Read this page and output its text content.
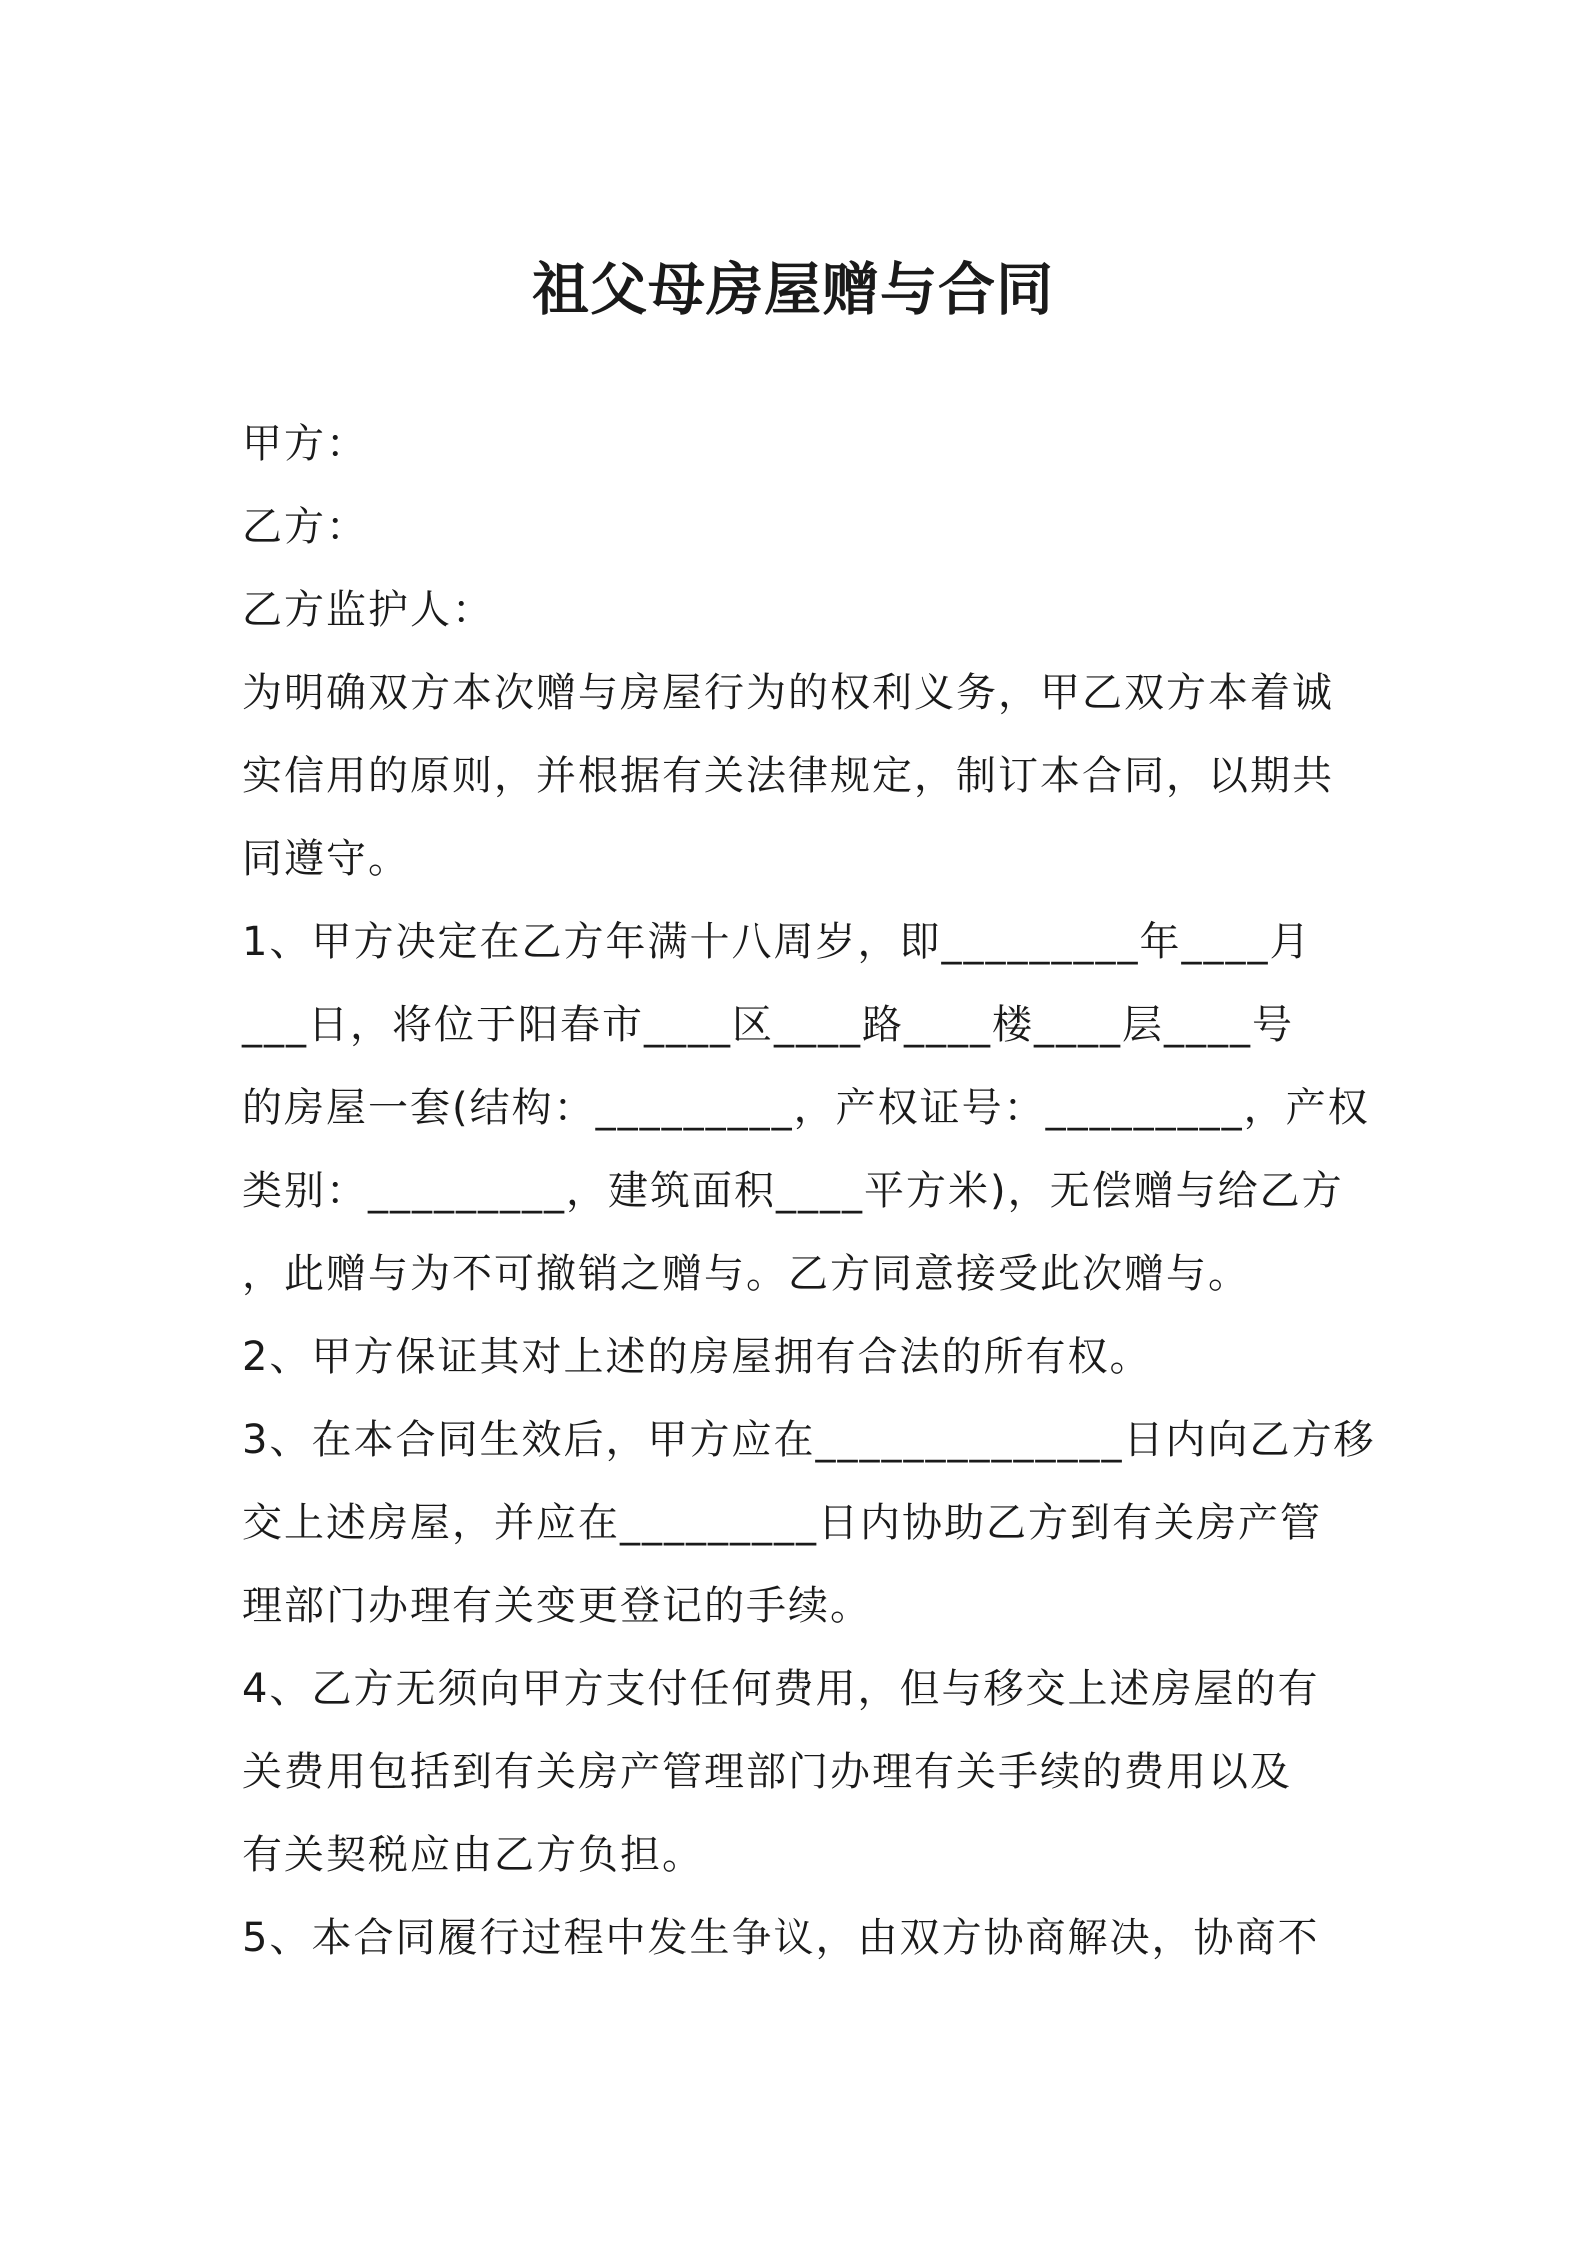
祖父母房屋赠与合同

甲方：

乙方：

乙方监护人：

为明确双方本次赠与房屋行为的权利义务，甲乙双方本着诚

实信用的原则，并根据有关法律规定，制订本合同，以期共

同遵守。

1、甲方决定在乙方年满十八周岁，即_________年____月

___日，将位于阳春市____区____路____楼____层____号

的房屋一套(结构：_________，产权证号：_________，产权

类别：_________，建筑面积____平方米)，无偿赠与给乙方

，此赠与为不可撤销之赠与。乙方同意接受此次赠与。

2、甲方保证其对上述的房屋拥有合法的所有权。

3、在本合同生效后，甲方应在______________日内向乙方移

交上述房屋，并应在_________日内协助乙方到有关房产管

理部门办理有关变更登记的手续。

4、乙方无须向甲方支付任何费用，但与移交上述房屋的有

关费用包括到有关房产管理部门办理有关手续的费用以及

有关契税应由乙方负担。

5、本合同履行过程中发生争议，由双方协商解决，协商不
